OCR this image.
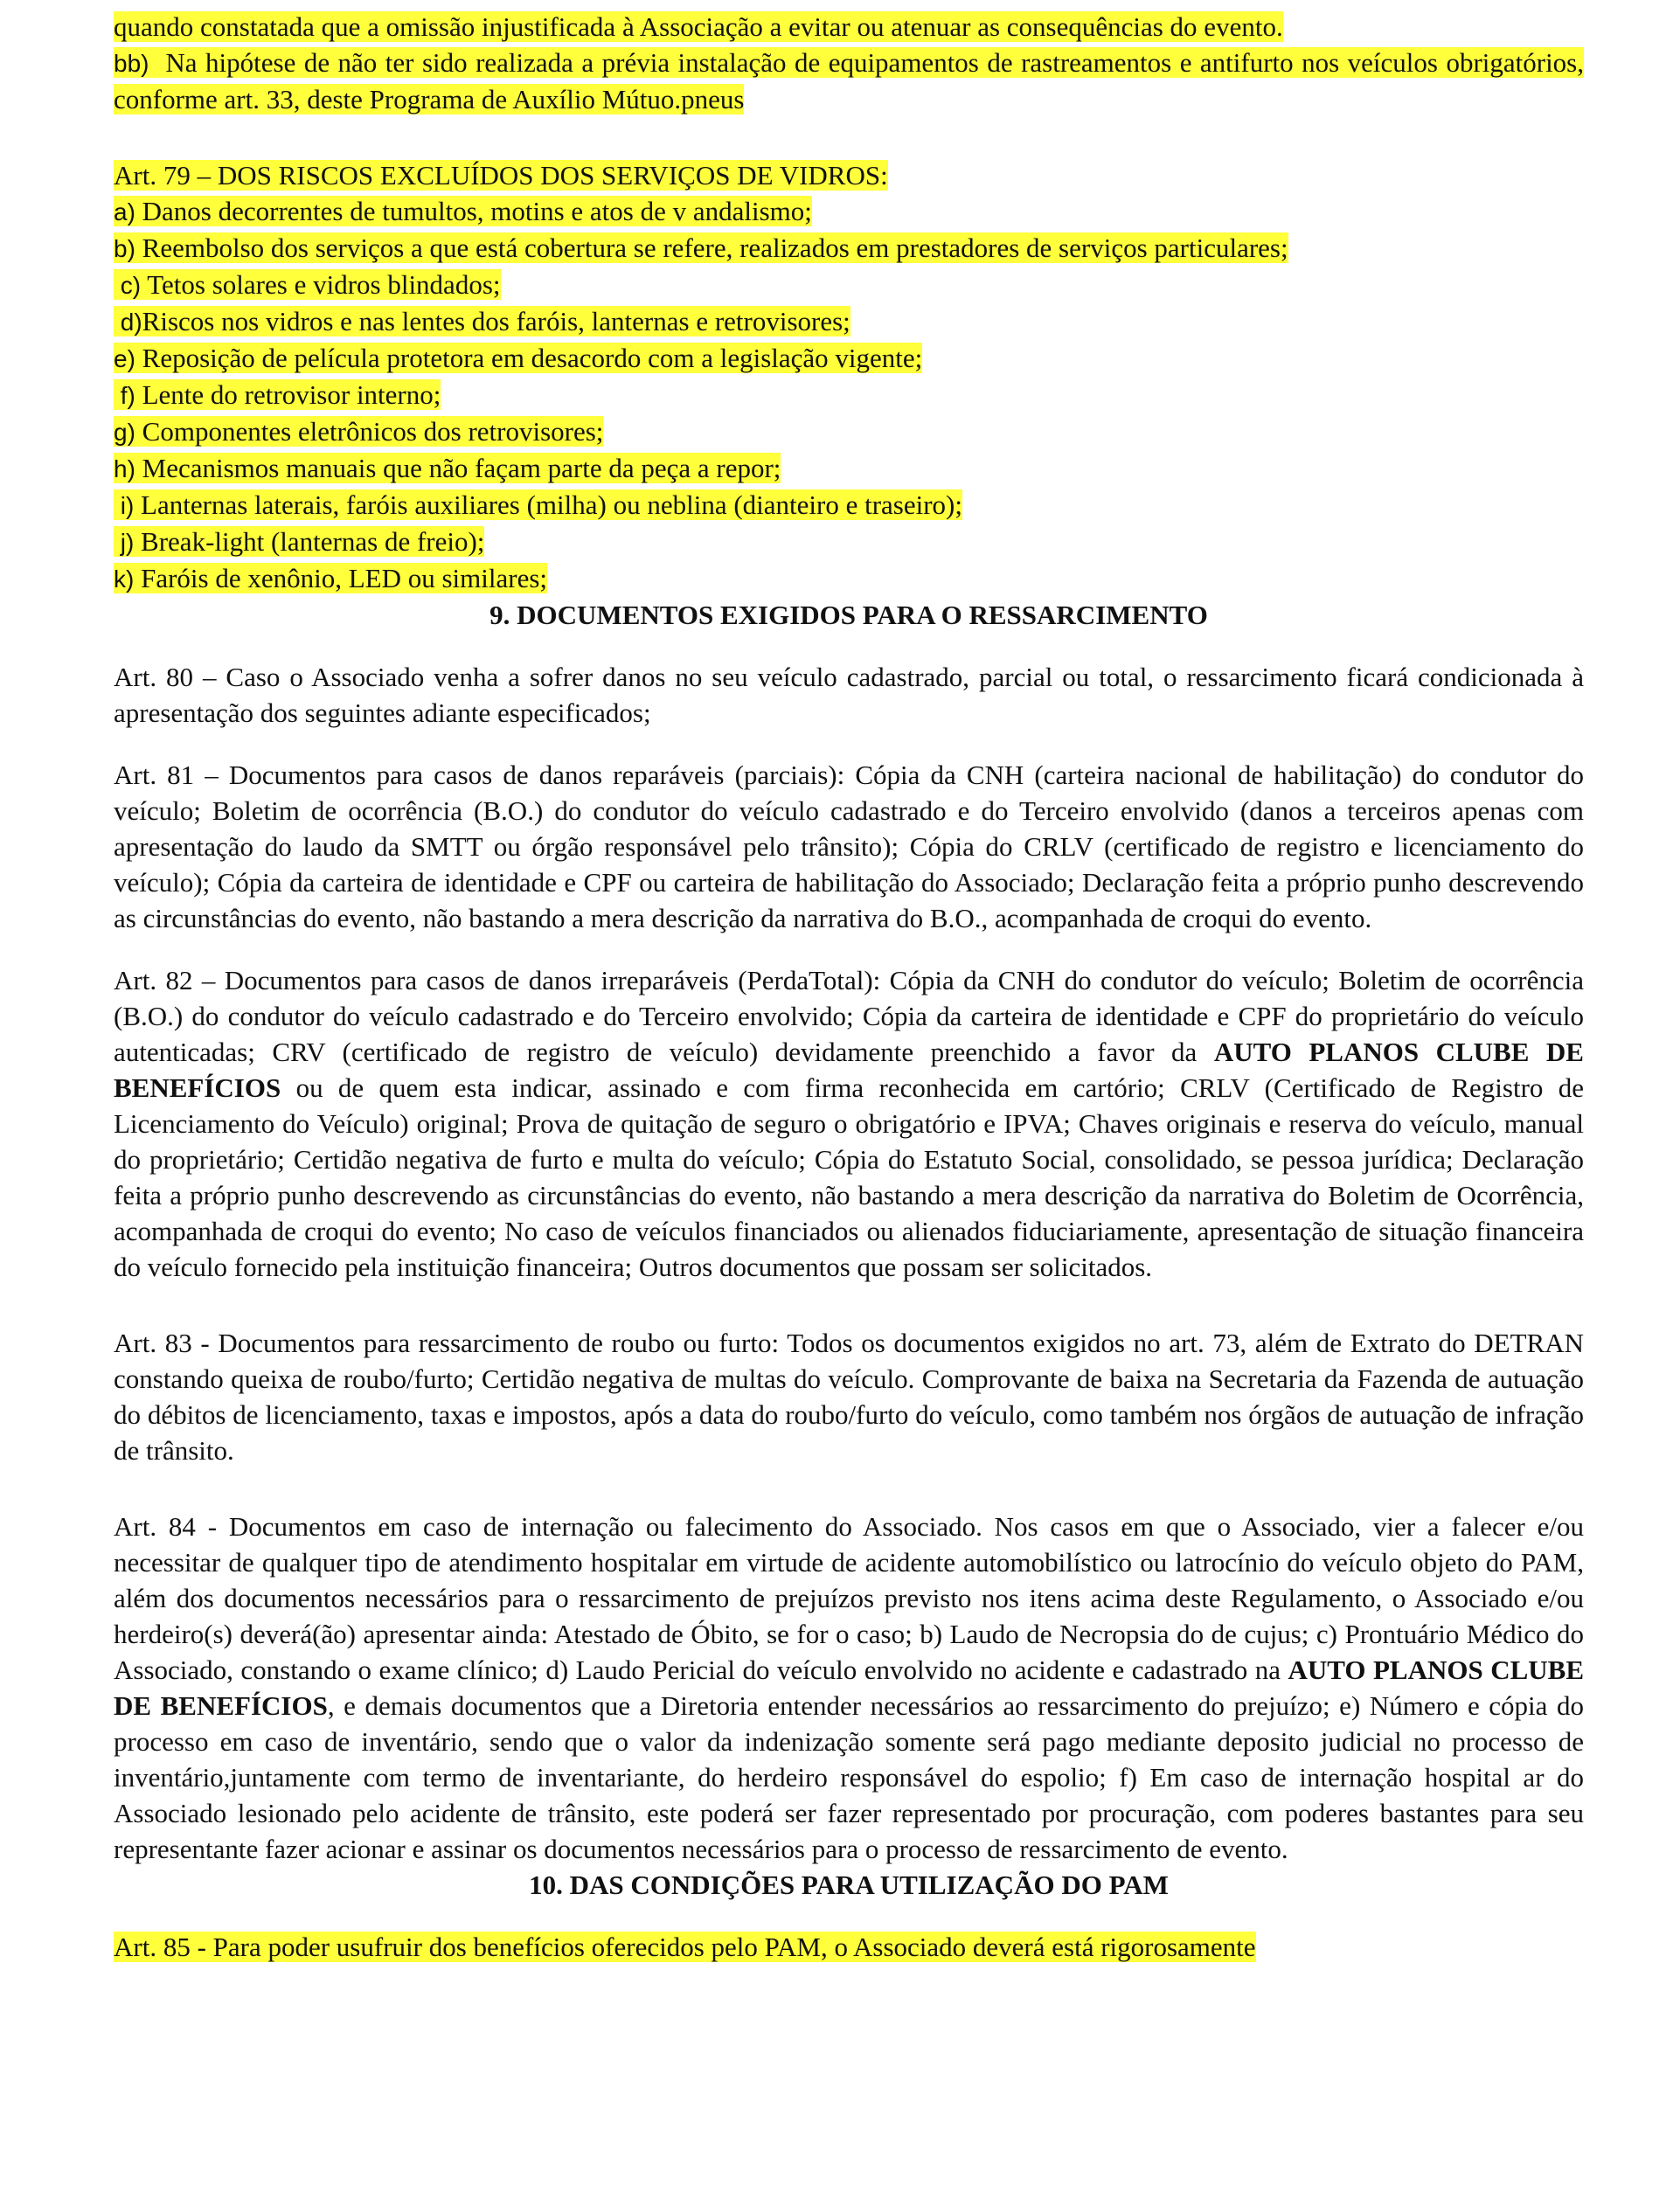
quando constatada que a omissão injustificada à Associação a evitar ou atenuar as consequências do evento.
bb) Na hipótese de não ter sido realizada a prévia instalação de equipamentos de rastreamentos e antifurto nos veículos obrigatórios, conforme art. 33, deste Programa de Auxílio Mútuo.pneus

Art. 79 – DOS RISCOS EXCLUÍDOS DOS SERVIÇOS DE VIDROS:

a) Danos decorrentes de tumultos, motins e atos de v andalismo;
b) Reembolso dos serviços a que está cobertura se refere, realizados em prestadores de serviços particulares;
c) Tetos solares e vidros blindados;
d)Riscos nos vidros e nas lentes dos faróis, lanternas e retrovisores;
e) Reposição de película protetora em desacordo com a legislação vigente;
f) Lente do retrovisor interno;
g) Componentes eletrônicos dos retrovisores;
h) Mecanismos manuais que não façam parte da peça a repor;
i) Lanternas laterais, faróis auxiliares (milha) ou neblina (dianteiro e traseiro);
j) Break-light (lanternas de freio);
k) Faróis de xenônio, LED ou similares;

9. DOCUMENTOS EXIGIDOS PARA O RESSARCIMENTO

Art. 80 – Caso o Associado venha a sofrer danos no seu veículo cadastrado, parcial ou total, o ressarcimento ficará condicionada à apresentação dos seguintes adiante especificados;

Art. 81 – Documentos para casos de danos reparáveis (parciais): Cópia da CNH (carteira nacional de habilitação) do condutor do veículo; Boletim de ocorrência (B.O.) do condutor do veículo cadastrado e do Terceiro envolvido (danos a terceiros apenas com apresentação do laudo da SMTT ou órgão responsável pelo trânsito); Cópia do CRLV (certificado de registro e licenciamento do veículo); Cópia da carteira de identidade e CPF ou carteira de habilitação do Associado; Declaração feita a próprio punho descrevendo as circunstâncias do evento, não bastando a mera descrição da narrativa do B.O., acompanhada de croqui do evento.

Art. 82 – Documentos para casos de danos irreparáveis (PerdaTotal): Cópia da CNH do condutor do veículo; Boletim de ocorrência (B.O.) do condutor do veículo cadastrado e do Terceiro envolvido; Cópia da carteira de identidade e CPF do proprietário do veículo autenticadas; CRV (certificado de registro de veículo) devidamente preenchido a favor da AUTO PLANOS CLUBE DE BENEFÍCIOS ou de quem esta indicar, assinado e com firma reconhecida em cartório; CRLV (Certificado de Registro de Licenciamento do Veículo) original; Prova de quitação de seguro o obrigatório e IPVA; Chaves originais e reserva do veículo, manual do proprietário; Certidão negativa de furto e multa do veículo; Cópia do Estatuto Social, consolidado, se pessoa jurídica; Declaração feita a próprio punho descrevendo as circunstâncias do evento, não bastando a mera descrição da narrativa do Boletim de Ocorrência, acompanhada de croqui do evento; No caso de veículos financiados ou alienados fiduciariamente, apresentação de situação financeira do veículo fornecido pela instituição financeira; Outros documentos que possam ser solicitados.

Art. 83 - Documentos para ressarcimento de roubo ou furto: Todos os documentos exigidos no art. 73, além de Extrato do DETRAN constando queixa de roubo/furto; Certidão negativa de multas do veículo. Comprovante de baixa na Secretaria da Fazenda de autuação do débitos de licenciamento, taxas e impostos, após a data do roubo/furto do veículo, como também nos órgãos de autuação de infração de trânsito.

Art. 84 - Documentos em caso de internação ou falecimento do Associado. Nos casos em que o Associado, vier a falecer e/ou necessitar de qualquer tipo de atendimento hospitalar em virtude de acidente automobilístico ou latrocínio do veículo objeto do PAM, além dos documentos necessários para o ressarcimento de prejuízos previsto nos itens acima deste Regulamento, o Associado e/ou herdeiro(s) deverá(ão) apresentar ainda: Atestado de Óbito, se for o caso; b) Laudo de Necropsia do de cujus; c) Prontuário Médico do Associado, constando o exame clínico; d) Laudo Pericial do veículo envolvido no acidente e cadastrado na AUTO PLANOS CLUBE DE BENEFÍCIOS, e demais documentos que a Diretoria entender necessários ao ressarcimento do prejuízo; e) Número e cópia do processo em caso de inventário, sendo que o valor da indenização somente será pago mediante deposito judicial no processo de inventário,juntamente com termo de inventariante, do herdeiro responsável do espolio; f) Em caso de internação hospital ar do Associado lesionado pelo acidente de trânsito, este poderá ser fazer representado por procuração, com poderes bastantes para seu representante fazer acionar e assinar os documentos necessários para o processo de ressarcimento de evento.

10. DAS CONDIÇÕES PARA UTILIZAÇÃO DO PAM

Art. 85 - Para poder usufruir dos benefícios oferecidos pelo PAM, o Associado deverá está rigorosamente
